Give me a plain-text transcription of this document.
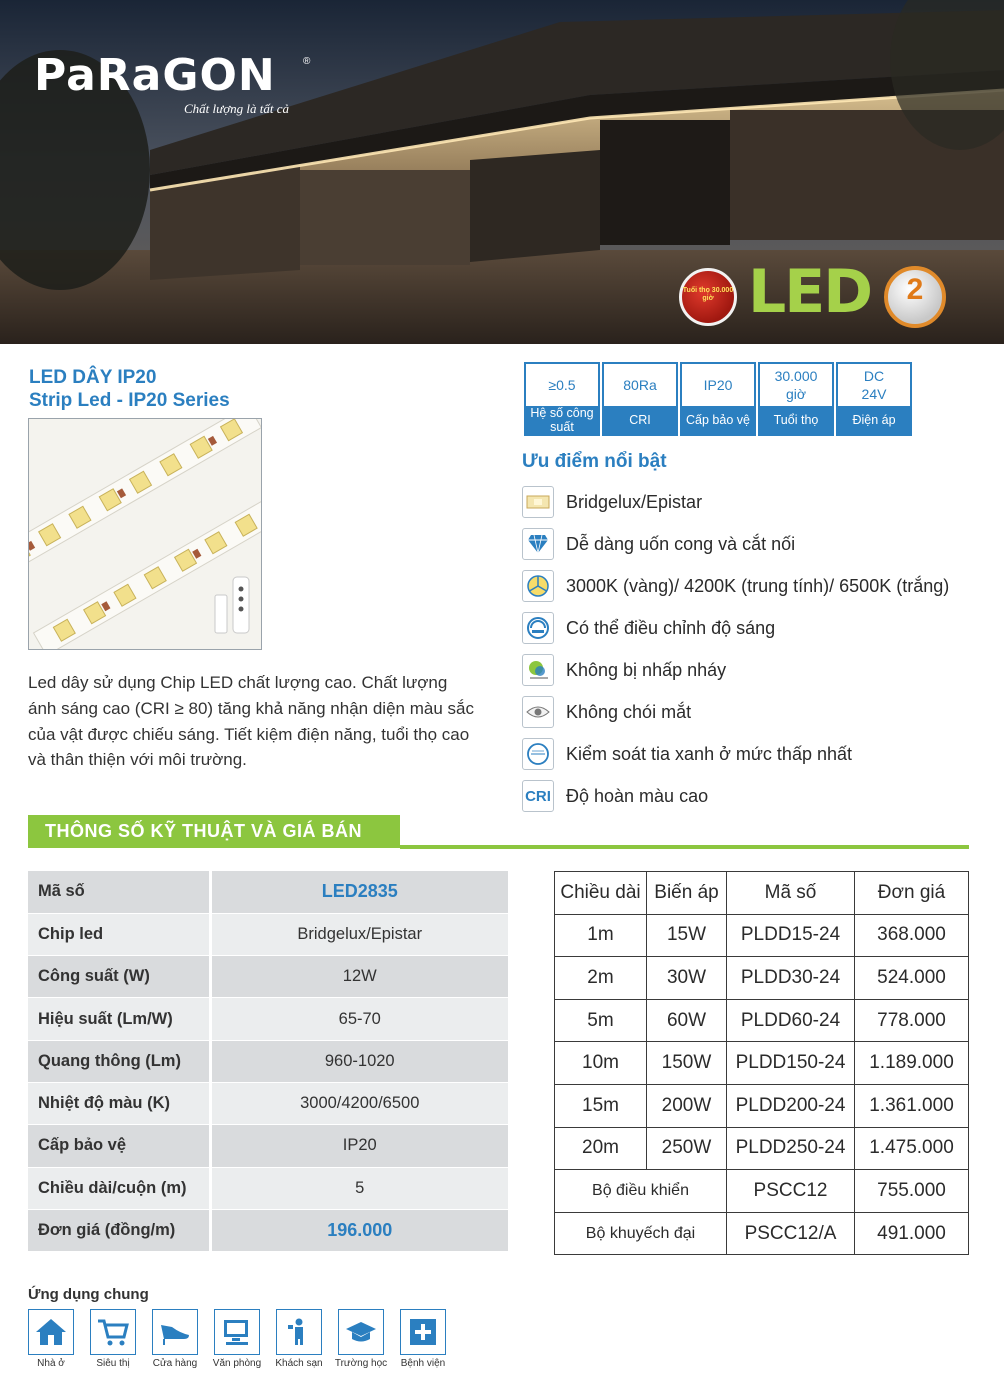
PaRaGON	®
Chất lượng là tất cả
Tuổi thọ 30.000 giờ LED	2
LED DÂY IP20
Strip Led - IP20 Series
Led dây sử dụng Chip LED chất lượng cao. Chất lượng ánh sáng cao (CRI ≥ 80) tăng khả năng nhận diện màu sắc của vật được chiếu sáng. Tiết kiệm điện năng, tuổi thọ cao và thân thiện với môi trường.
≥0.5
Hệ số công suất
80Ra
CRI
IP20
Cấp bảo vệ
30.000 giờ
Tuổi thọ
DC 24V
Điện áp
Ưu điểm nổi bật
Bridgelux/Epistar
Dễ dàng uốn cong và cắt nối
3000K (vàng)/ 4200K (trung tính)/ 6500K (trắng)
Có thể điều chỉnh độ sáng
Không bị nhấp nháy
Không chói mắt
Kiểm soát tia xanh ở mức thấp nhất
CRI Độ hoàn màu cao
THÔNG SỐ KỸ THUẬT VÀ GIÁ BÁN
Mã số	LED2835
Chip led	Bridgelux/Epistar
Công suất (W)	12W
Hiệu suất (Lm/W)	65-70
Quang thông (Lm)	960-1020
Nhiệt độ màu (K)	3000/4200/6500
Cấp bảo vệ	IP20
Chiều dài/cuộn (m)	5
Đơn giá (đồng/m)	196.000
Chiều dài	Biến áp	Mã số	Đơn giá
1m	15W	PLDD15-24	368.000
2m	30W	PLDD30-24	524.000
5m	60W	PLDD60-24	778.000
10m	150W	PLDD150-24	1.189.000
15m	200W	PLDD200-24	1.361.000
20m	250W	PLDD250-24	1.475.000
Bộ điều khiển		PSCC12	755.000
Bộ khuyếch đại		PSCC12/A	491.000
Ứng dụng chung
Nhà ở	Siêu thị	Cửa hàng	Văn phòng	Khách sạn	Trường học	Bệnh viện
